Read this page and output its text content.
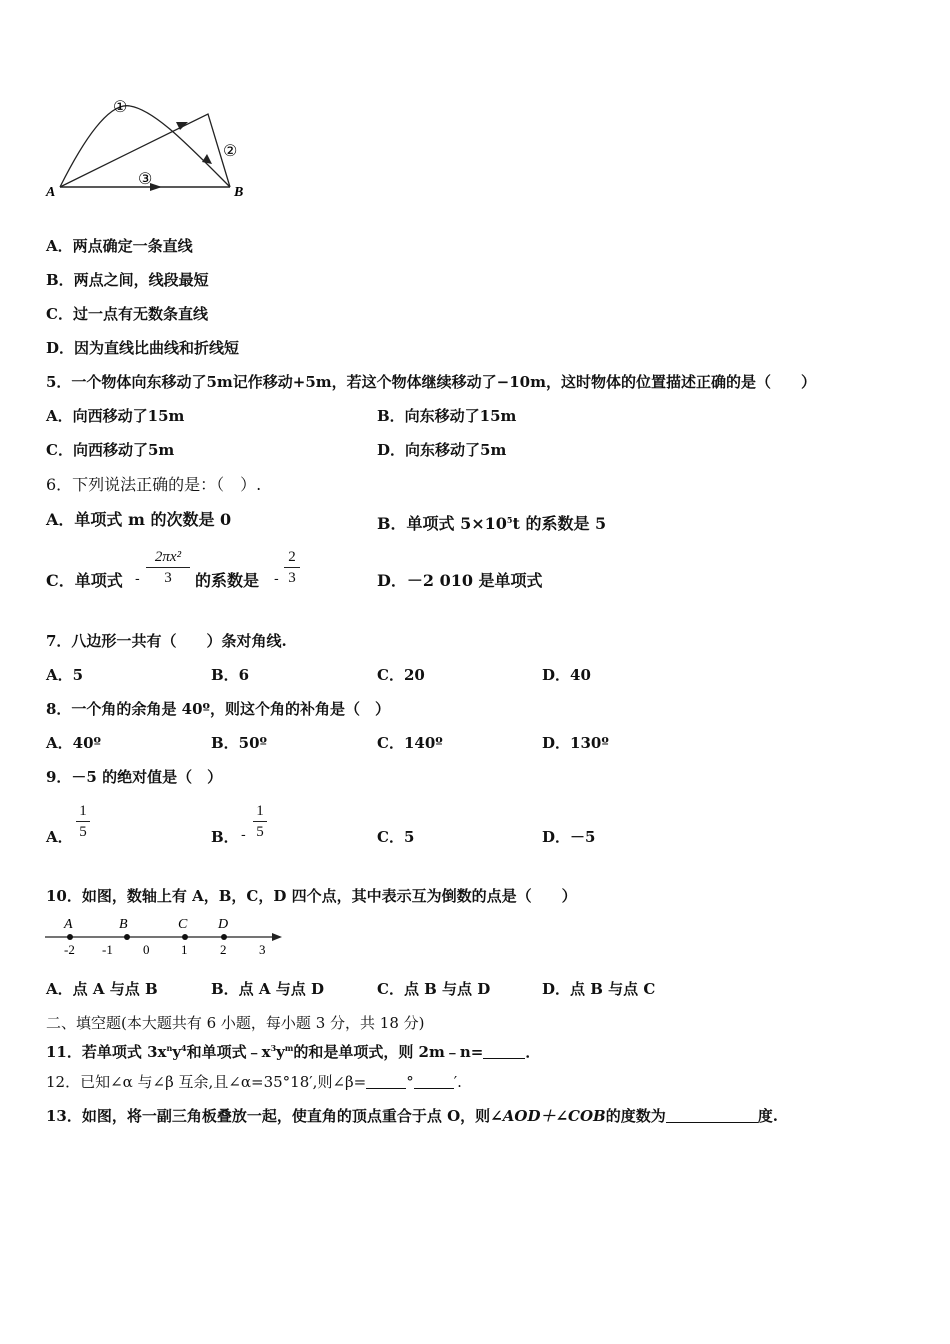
A	B
①
②
③
A．两点确定一条直线
B．两点之间，线段最短
C．过一点有无数条直线
D．因为直线比曲线和折线短
5．一个物体向东移动了5m记作移动+5m，若这个物体继续移动了−10m，这时物体的位置描述正确的是（　　）
A．向西移动了15m	B．向东移动了15m
C．向西移动了5m	D．向东移动了5m
6．下列说法正确的是：（　）.
A．单项式 m 的次数是 0	B．单项式 $5\times 10^5t$ 的系数是 5
C．单项式 -
2πx²
3	的系数是 -
2
3	D．－2 010 是单项式
7．八边形一共有（　　）条对角线.
A．5	B．6	C．20	D．40
8．一个角的余角是 40º，则这个角的补角是（　）
A．40º	B．50º	C．140º	D．130º
9．－5 的绝对值是（　）
A．
1
5	B． -
1
5	C．5	D．－5
10．如图，数轴上有 A，B，C，D 四个点，其中表示互为倒数的点是（　　）
A	B	C D
-2 -1 0 1	2	3
A．点 A 与点 B	B．点 A 与点 D	C．点 B 与点 D	D．点 B 与点 C
二、填空题(本大题共有 6 小题，每小题 3 分，共 18 分)
11．若单项式 $3x^ny^4$和单项式$﹣x^3y^m$的和是单项式，则 2m﹣n=	．
12．已知∠α 与∠β 互余,且∠α=35°18′,则∠β=	°	′.
13．如图，将一副三角板叠放一起，使直角的顶点重合于点 O，则∠AOD＋∠COB的度数为	度.
